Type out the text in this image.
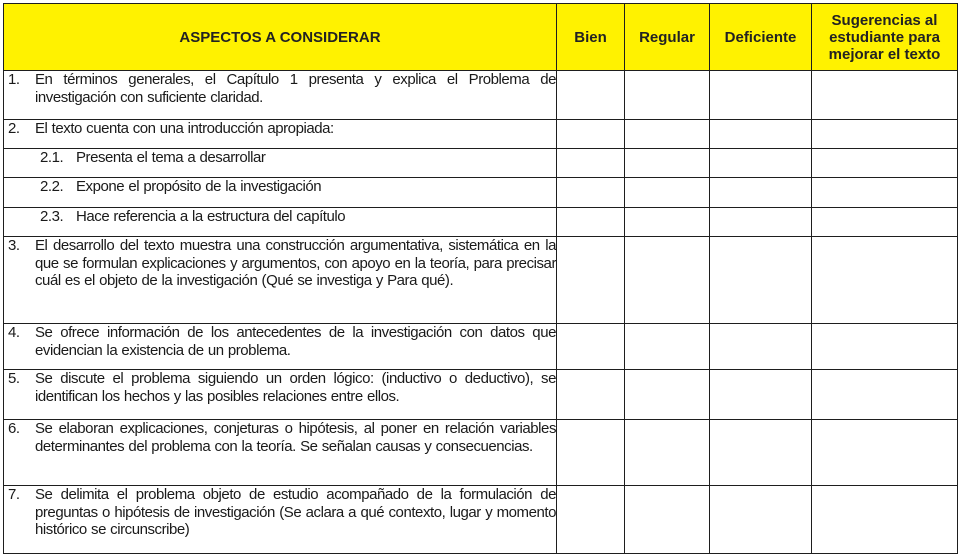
ASPECTOS A CONSIDERAR	Bien	Regular	Deficiente	Sugerencias al estudiante para mejorar el texto

1. En términos generales, el Capítulo 1 presenta y explica el Problema de investigación con suficiente claridad.				

2. El texto cuenta con una introducción apropiada:				

2.1. Presenta el tema a desarrollar				

2.2. Expone el propósito de la investigación				

2.3. Hace referencia a la estructura del capítulo				

3. El desarrollo del texto muestra una construcción argumentativa, sistemática en la que se formulan explicaciones y argumentos, con apoyo en la teoría, para precisar cuál es el objeto de la investigación (Qué se investiga y Para qué).				

4. Se ofrece información de los antecedentes de la investigación con datos que evidencian la existencia de un problema.				

5. Se discute el problema siguiendo un orden lógico: (inductivo o deductivo), se identifican los hechos y las posibles relaciones entre ellos.				

6. Se elaboran explicaciones, conjeturas o hipótesis, al poner en relación variables determinantes del problema con la teoría. Se señalan causas y consecuencias.				

7. Se delimita el problema objeto de estudio acompañado de la formulación de preguntas o hipótesis de investigación (Se aclara a qué contexto, lugar y momento histórico se circunscribe)				
